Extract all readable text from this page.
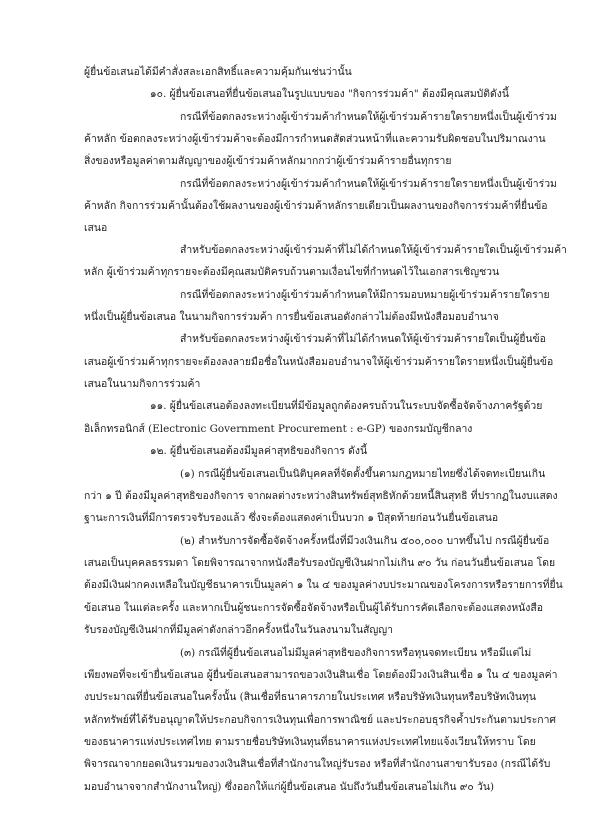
ผู้ยื่นข้อเสนอได้มีคำสั่งสละเอกสิทธิ์และความคุ้มกันเช่นว่านั้น
๑๐. ผู้ยื่นข้อเสนอที่ยื่นข้อเสนอในรูปแบบของ "กิจการร่วมค้า" ต้องมีคุณสมบัติดังนี้
กรณีที่ข้อตกลงระหว่างผู้เข้าร่วมค้ากำหนดให้ผู้เข้าร่วมค้ารายใดรายหนึ่งเป็นผู้เข้าร่วม
ค้าหลัก ข้อตกลงระหว่างผู้เข้าร่วมค้าจะต้องมีการกำหนดสัดส่วนหน้าที่และความรับผิดชอบในปริมาณงาน
สิ่งของหรือมูลค่าตามสัญญาของผู้เข้าร่วมค้าหลักมากกว่าผู้เข้าร่วมค้ารายอื่นทุกราย
กรณีที่ข้อตกลงระหว่างผู้เข้าร่วมค้ากำหนดให้ผู้เข้าร่วมค้ารายใดรายหนึ่งเป็นผู้เข้าร่วม
ค้าหลัก กิจการร่วมค้านั้นต้องใช้ผลงานของผู้เข้าร่วมค้าหลักรายเดียวเป็นผลงานของกิจการร่วมค้าที่ยื่นข้อ
เสนอ
สำหรับข้อตกลงระหว่างผู้เข้าร่วมค้าที่ไม่ได้กำหนดให้ผู้เข้าร่วมค้ารายใดเป็นผู้เข้าร่วมค้า
หลัก ผู้เข้าร่วมค้าทุกรายจะต้องมีคุณสมบัติครบถ้วนตามเงื่อนไขที่กำหนดไว้ในเอกสารเชิญชวน
กรณีที่ข้อตกลงระหว่างผู้เข้าร่วมค้ากำหนดให้มีการมอบหมายผู้เข้าร่วมค้ารายใดราย
หนึ่งเป็นผู้ยื่นข้อเสนอ ในนามกิจการร่วมค้า การยื่นข้อเสนอดังกล่าวไม่ต้องมีหนังสือมอบอำนาจ
สำหรับข้อตกลงระหว่างผู้เข้าร่วมค้าที่ไม่ได้กำหนดให้ผู้เข้าร่วมค้ารายใดเป็นผู้ยื่นข้อ
เสนอผู้เข้าร่วมค้าทุกรายจะต้องลงลายมือชื่อในหนังสือมอบอำนาจให้ผู้เข้าร่วมค้ารายใดรายหนึ่งเป็นผู้ยื่นข้อ
เสนอในนามกิจการร่วมค้า
๑๑. ผู้ยื่นข้อเสนอต้องลงทะเบียนที่มีข้อมูลถูกต้องครบถ้วนในระบบจัดซื้อจัดจ้างภาครัฐด้วย
อิเล็กทรอนิกส์ (Electronic Government Procurement : e-GP) ของกรมบัญชีกลาง
๑๒. ผู้ยื่นข้อเสนอต้องมีมูลค่าสุทธิของกิจการ ดังนี้
(๑) กรณีผู้ยื่นข้อเสนอเป็นนิติบุคคลที่จัดตั้งขึ้นตามกฎหมายไทยซึ่งได้จดทะเบียนเกิน
กว่า ๑ ปี ต้องมีมูลค่าสุทธิของกิจการ จากผลต่างระหว่างสินทรัพย์สุทธิหักด้วยหนี้สินสุทธิ ที่ปรากฏในงบแสดง
ฐานะการเงินที่มีการตรวจรับรองแล้ว ซึ่งจะต้องแสดงค่าเป็นบวก ๑ ปีสุดท้ายก่อนวันยื่นข้อเสนอ
(๒) สำหรับการจัดซื้อจัดจ้างครั้งหนึ่งที่มีวงเงินเกิน ๕๐๐,๐๐๐ บาทขึ้นไป กรณีผู้ยื่นข้อ
เสนอเป็นบุคคลธรรมดา โดยพิจารณาจากหนังสือรับรองบัญชีเงินฝากไม่เกิน ๙๐ วัน ก่อนวันยื่นข้อเสนอ โดย
ต้องมีเงินฝากคงเหลือในบัญชีธนาคารเป็นมูลค่า ๑ ใน ๔ ของมูลค่างบประมาณของโครงการหรือรายการที่ยื่น
ข้อเสนอ ในแต่ละครั้ง และหากเป็นผู้ชนะการจัดซื้อจัดจ้างหรือเป็นผู้ได้รับการคัดเลือกจะต้องแสดงหนังสือ
รับรองบัญชีเงินฝากที่มีมูลค่าดังกล่าวอีกครั้งหนึ่งในวันลงนามในสัญญา
(๓) กรณีที่ผู้ยื่นข้อเสนอไม่มีมูลค่าสุทธิของกิจการหรือทุนจดทะเบียน หรือมีแต่ไม่
เพียงพอที่จะเข้ายื่นข้อเสนอ ผู้ยื่นข้อเสนอสามารถขอวงเงินสินเชื่อ โดยต้องมีวงเงินสินเชื่อ ๑ ใน ๔ ของมูลค่า
งบประมาณที่ยื่นข้อเสนอในครั้งนั้น (สินเชื่อที่ธนาคารภายในประเทศ หรือบริษัทเงินทุนหรือบริษัทเงินทุน
หลักทรัพย์ที่ได้รับอนุญาตให้ประกอบกิจการเงินทุนเพื่อการพาณิชย์ และประกอบธุรกิจค้ำประกันตามประกาศ
ของธนาคารแห่งประเทศไทย ตามรายชื่อบริษัทเงินทุนที่ธนาคารแห่งประเทศไทยแจ้งเวียนให้ทราบ โดย
พิจารณาจากยอดเงินรวมของวงเงินสินเชื่อที่สำนักงานใหญ่รับรอง หรือที่สำนักงานสาขารับรอง (กรณีได้รับ
มอบอำนาจจากสำนักงานใหญ่) ซึ่งออกให้แก่ผู้ยื่นข้อเสนอ นับถึงวันยื่นข้อเสนอไม่เกิน ๙๐ วัน)
